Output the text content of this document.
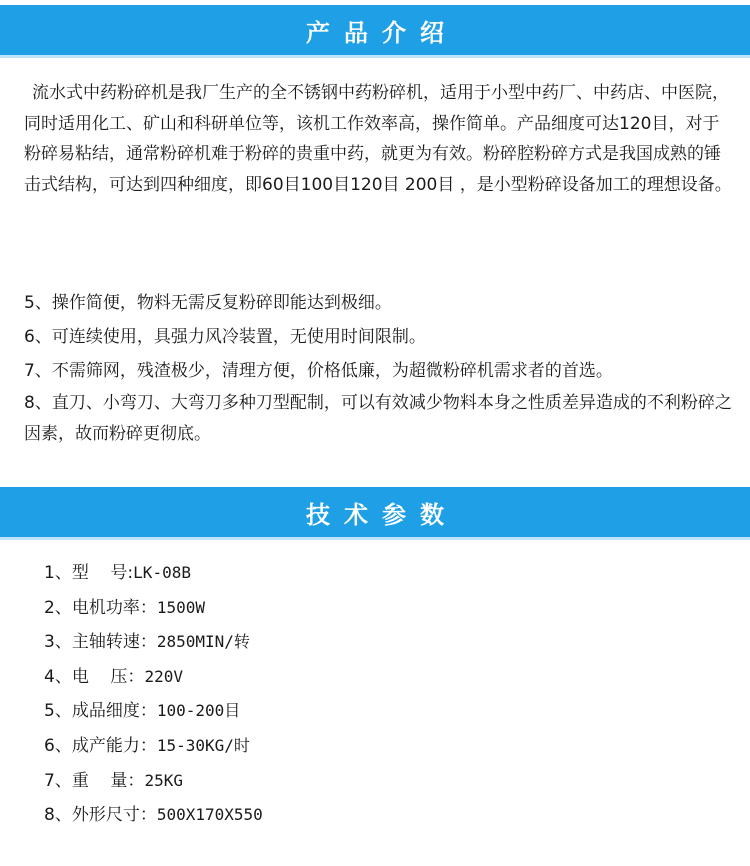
产品介绍

流水式中药粉碎机是我厂生产的全不锈钢中药粉碎机，适用于小型中药厂、中药店、中医院，同时适用化工、矿山和科研单位等，该机工作效率高，操作简单。产品细度可达120目，对于粉碎易粘结，通常粉碎机难于粉碎的贵重中药，就更为有效。粉碎腔粉碎方式是我国成熟的锤击式结构，可达到四种细度，即60目100目120目 200目 ，是小型粉碎设备加工的理想设备。

5、操作简便，物料无需反复粉碎即能达到极细。

6、可连续使用，具强力风冷装置，无使用时间限制。

7、不需筛网，残渣极少，清理方便，价格低廉，为超微粉碎机需求者的首选。

8、直刀、小弯刀、大弯刀多种刀型配制，可以有效减少物料本身之性质差异造成的不利粉碎之因素，故而粉碎更彻底。

技术参数
1、型    号:LK-08B
2、电机功率：1500W
3、主轴转速：2850MIN/转
4、电    压：220V
5、成品细度：100-200目
6、成产能力：15-30KG/时
7、重    量：25KG
8、外形尺寸：500X170X550
